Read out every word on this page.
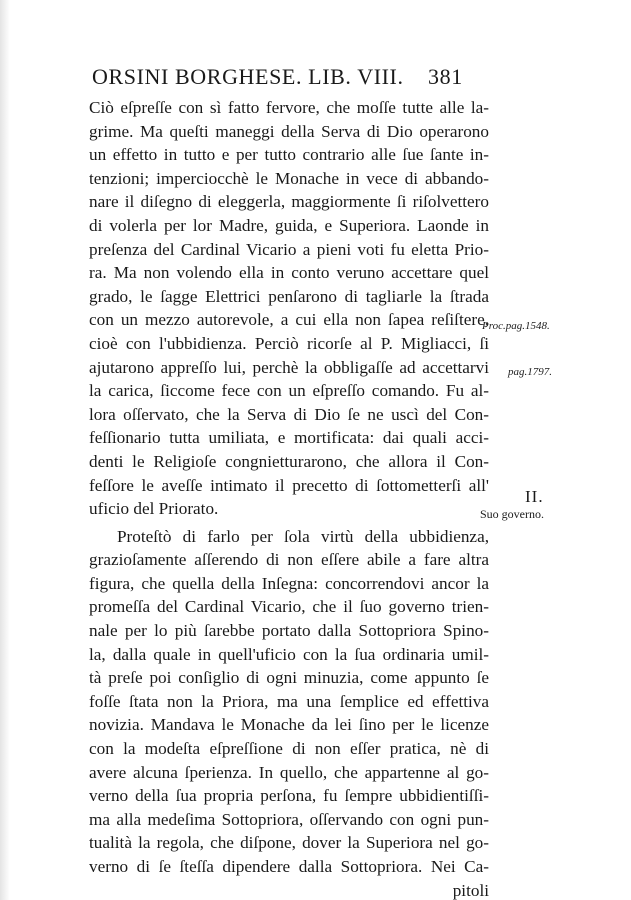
ORSINI BORGHESE. LIB. VIII. 381
Ciò eſpreſſe con sì fatto fervore, che moſſe tutte alle la-
grime. Ma queſti maneggi della Serva di Dio operarono
un effetto in tutto e per tutto contrario alle ſue ſante in-
tenzioni; imperciocchè le Monache in vece di abbando-
nare il diſegno di eleggerla, maggiormente ſi riſolvettero
di volerla per lor Madre, guida, e Superiora. Laonde in
preſenza del Cardinal Vicario a pieni voti fu eletta Prio-
ra. Ma non volendo ella in conto veruno accettare quel
grado, le ſagge Elettrici penſarono di tagliarle la ſtrada
con un mezzo autorevole, a cui ella non ſapea reſiſtere,
cioè con l'ubbidienza. Perciò ricorſe al P. Migliacci, ſi
ajutarono appreſſo lui, perchè la obbligaſſe ad accettarvi
la carica, ſiccome fece con un eſpreſſo comando. Fu al-
lora oſſervato, che la Serva di Dio ſe ne uscì del Con-
feſſionario tutta umiliata, e mortificata: dai quali acci-
denti le Religioſe congnietturarono, che allora il Con-
feſſore le aveſſe intimato il precetto di ſottometterſi all'
uficio del Priorato.
Proteſtò di farlo per ſola virtù della ubbidienza,
grazioſamente aſſerendo di non eſſere abile a fare altra
figura, che quella della Inſegna: concorrendovi ancor la
promeſſa del Cardinal Vicario, che il ſuo governo trien-
nale per lo più ſarebbe portato dalla Sottopriora Spino-
la, dalla quale in quell'uficio con la ſua ordinaria umil-
tà preſe poi conſiglio di ogni minuzia, come appunto ſe
foſſe ſtata non la Priora, ma una ſemplice ed effettiva
novizia. Mandava le Monache da lei ſino per le licenze
con la modeſta eſpreſſione di non eſſer pratica, nè di
avere alcuna ſperienza. In quello, che appartenne al go-
verno della ſua propria perſona, fu ſempre ubbidientiſſi-
ma alla medeſima Sottopriora, oſſervando con ogni pun-
tualità la regola, che diſpone, dover la Superiora nel go-
verno di ſe ſteſſa dipendere dalla Sottopriora. Nei Ca-
pitoli
Proc.pag.1548.
pag.1797.
II.
Suo governo.
